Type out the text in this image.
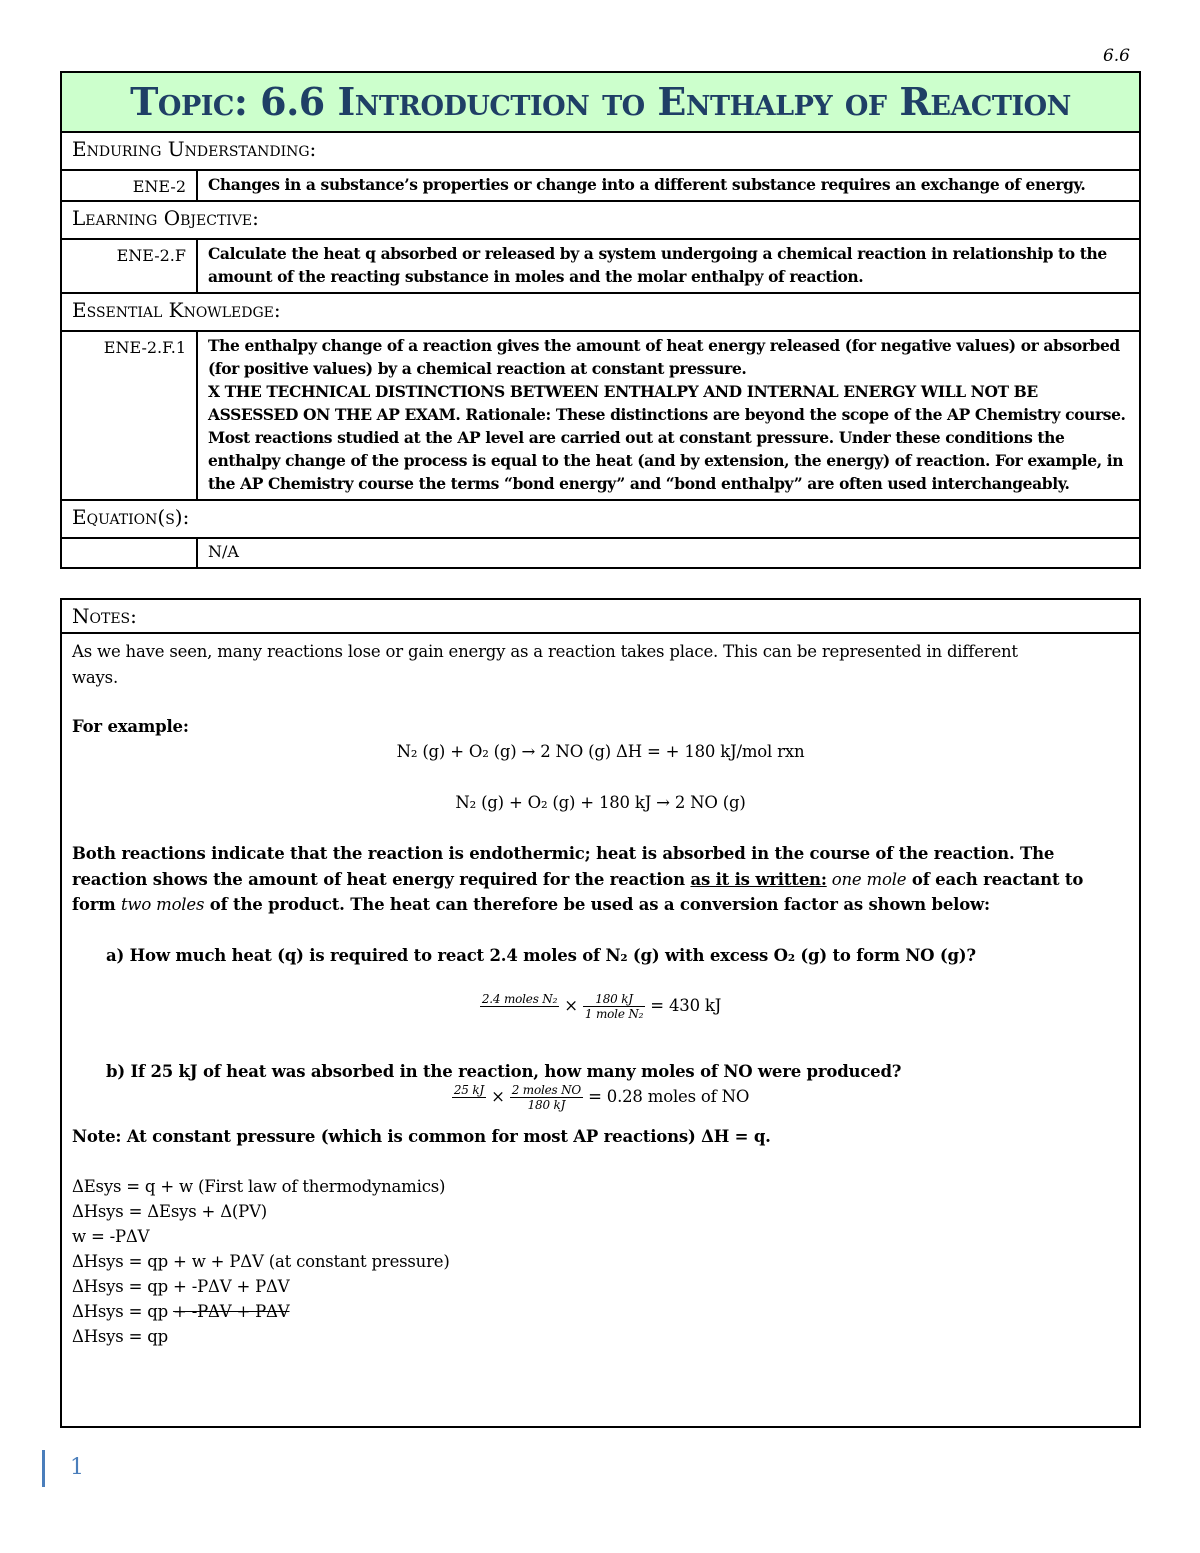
6.6
Topic: 6.6 Introduction to Enthalpy of Reaction	
Enduring Understanding:	
ENE-2	Changes in a substance’s properties or change into a different substance requires an exchange of energy.
Learning Objective:	
ENE-2.F	Calculate the heat q absorbed or released by a system undergoing a chemical reaction in relationship to the amount of the reacting substance in moles and the molar enthalpy of reaction.
Essential Knowledge:	
ENE-2.F.1	The enthalpy change of a reaction gives the amount of heat energy released (for negative values) or absorbed (for positive values) by a chemical reaction at constant pressure.
X THE TECHNICAL DISTINCTIONS BETWEEN ENTHALPY AND INTERNAL ENERGY WILL NOT BE ASSESSED ON THE AP EXAM. Rationale: These distinctions are beyond the scope of the AP Chemistry course. Most reactions studied at the AP level are carried out at constant pressure. Under these conditions the enthalpy change of the process is equal to the heat (and by extension, the energy) of reaction. For example, in the AP Chemistry course the terms “bond energy” and “bond enthalpy” are often used interchangeably.

Equation(s):	
	N/A
Notes:
As we have seen, many reactions lose or gain energy as a reaction takes place. This can be represented in different
ways.
For example:
N₂ (g) + O₂ (g) → 2 NO (g) ΔH = + 180 kJ/mol rxn
N₂ (g) + O₂ (g) + 180 kJ → 2 NO (g)
Both reactions indicate that the reaction is endothermic; heat is absorbed in the course of the reaction. The
reaction shows the amount of heat energy required for the reaction as it is written: one mole of each reactant to
form two moles of the product. The heat can therefore be used as a conversion factor as shown below:
a) How much heat (q) is required to react 2.4 moles of N₂ (g) with excess O₂ (g) to form NO (g)?
2.4 moles N₂
× $\frac{180 kJ}{\text{1 mole N₂}} = 430$ kJ
b) If 25 kJ of heat was absorbed in the reaction, how many moles of NO were produced?
25 kJ
× $\frac{\text{2 moles NO}}{180 kJ} = 0.28$ moles of NO
Note: At constant pressure (which is common for most AP reactions) ΔH = q.
ΔEsys = q + w (First law of thermodynamics)
ΔHsys = ΔEsys + Δ(PV)
w = -PΔV
ΔHsys = qp + w + PΔV (at constant pressure)
ΔHsys = qp + -PΔV + PΔV
ΔHsys = qp + -PΔV + PΔV
ΔHsys = qp
1
